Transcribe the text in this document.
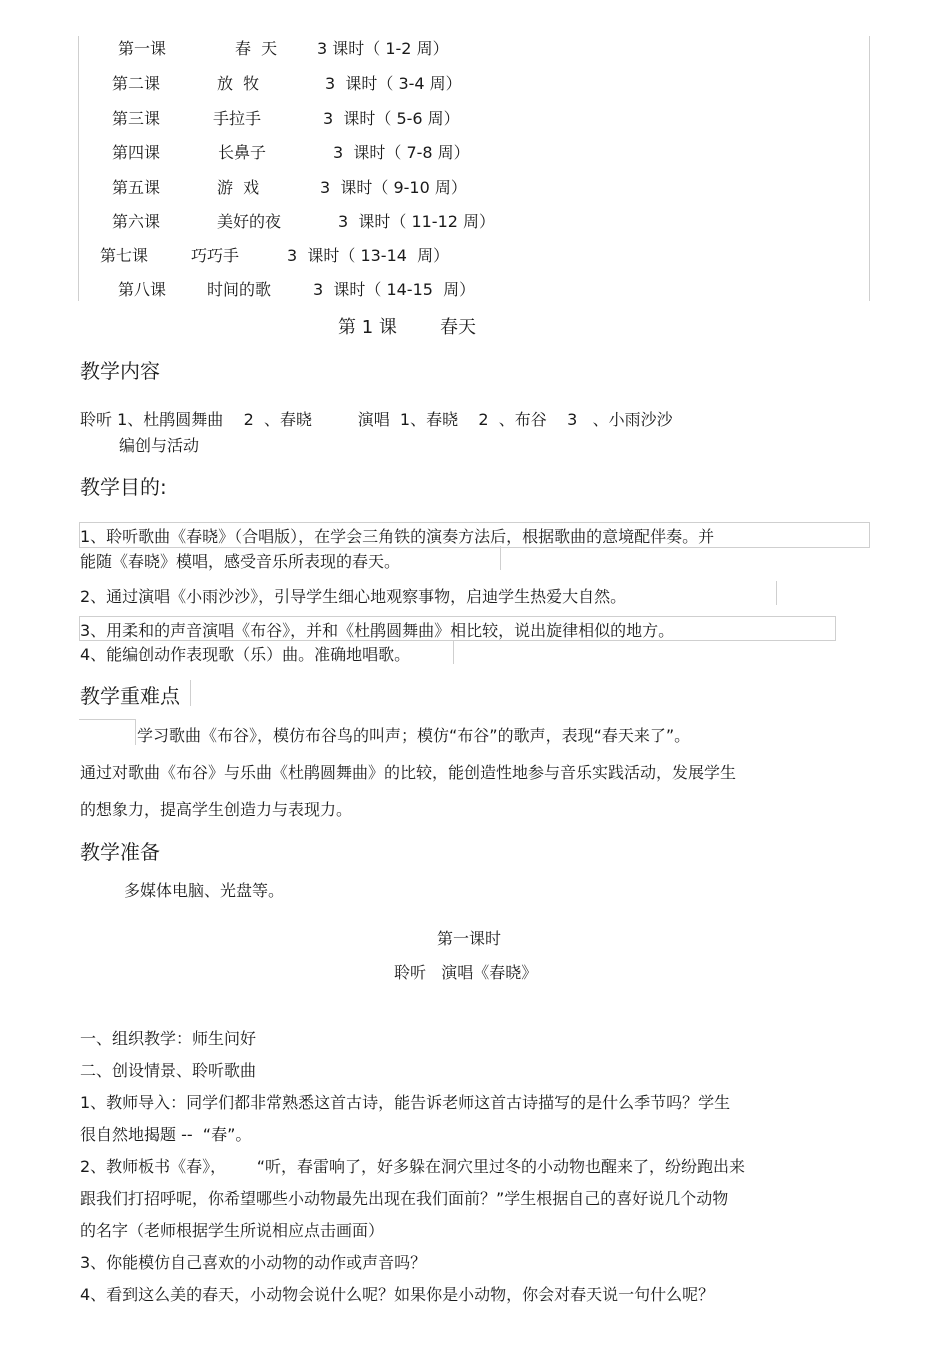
第一课	春  天 3 课时（ 1-2 周）
第二课	放  牧	3  课时（ 3-4 周）
第三课	手拉手	3  课时（ 5-6 周）
第四课	长鼻子	3  课时（ 7-8 周）
第五课	游  戏	3  课时（ 9-10 周）
第六课	美好的夜	3  课时（ 11-12 周）
第七课	巧巧手	3  课时（ 13-14  周）
第八课	时间的歌	3  课时（ 14-15  周）
第 1 课 春天
教学内容
聆听 1、杜鹃圆舞曲    2  、春晓         演唱  1、春晓    2  、布谷    3   、小雨沙沙
编创与活动
教学目的:
1、聆听歌曲《春晓》（合唱版），在学会三角铁的演奏方法后，根据歌曲的意境配伴奏。并
能随《春晓》模唱，感受音乐所表现的春天。
2、通过演唱《小雨沙沙》，引导学生细心地观察事物，启迪学生热爱大自然。
3、用柔和的声音演唱《布谷》，并和《杜鹃圆舞曲》相比较，说出旋律相似的地方。
4、能编创动作表现歌（乐）曲。准确地唱歌。
教学重难点
学习歌曲《布谷》，模仿布谷鸟的叫声；模仿“布谷”的歌声，表现“春天来了”。
通过对歌曲《布谷》与乐曲《杜鹃圆舞曲》的比较，能创造性地参与音乐实践活动，发展学生
的想象力，提高学生创造力与表现力。
教学准备
多媒体电脑、光盘等。
第一课时
聆听   演唱《春晓》
一、组织教学：师生问好
二、创设情景、聆听歌曲
1、教师导入：同学们都非常熟悉这首古诗，能告诉老师这首古诗描写的是什么季节吗？学生
很自然地揭题 --  “春”。
2、教师板书《春》，      “听，春雷响了，好多躲在洞穴里过冬的小动物也醒来了，纷纷跑出来
跟我们打招呼呢，你希望哪些小动物最先出现在我们面前？”学生根据自己的喜好说几个动物
的名字（老师根据学生所说相应点击画面）
3、你能模仿自己喜欢的小动物的动作或声音吗？
4、看到这么美的春天，小动物会说什么呢？如果你是小动物，你会对春天说一句什么呢？
